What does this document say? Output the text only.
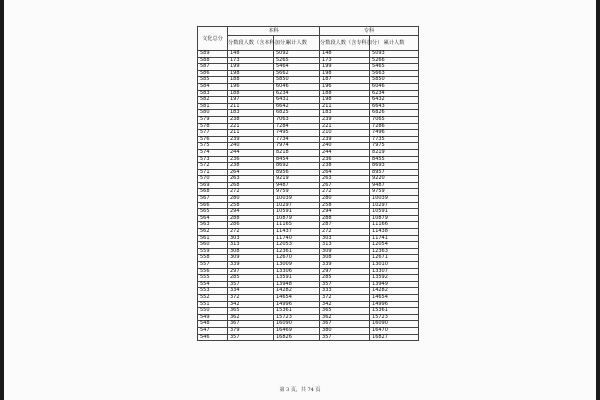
文化总分	本科		专科	
	分数段人数（含本科加分）	累计人数	分数段人数（含专科加分）	累计人数
589	148	5092	148	5093
588	173	5265	173	5266
587	199	5464	199	5465
586	198	5662	198	5663
585	188	5850	187	5850
584	196	6046	196	6046
583	188	6234	188	6234
582	197	6431	198	6432
581	211	6642	211	6643
580	183	6825	183	6826
579	238	7063	239	7065
578	221	7284	221	7286
577	211	7495	210	7496
576	239	7734	239	7735
575	240	7974	240	7975
574	244	8218	244	8219
573	236	8454	236	8455
572	238	8692	238	8693
571	264	8956	264	8957
570	263	9219	263	9220
569	268	9487	267	9487
568	272	9759	272	9759
567	280	10039	280	10039
566	258	10297	258	10297
565	294	10591	294	10591
564	288	10879	288	10879
563	286	11165	287	11166
562	272	11437	272	11438
561	303	11740	303	11741
560	313	12053	313	12054
559	308	12361	309	12363
558	309	12670	308	12671
557	339	13009	339	13010
556	297	13306	297	13307
555	285	13591	285	13592
554	357	13948	357	13949
553	334	14282	333	14282
552	372	14654	372	14654
551	342	14996	342	14996
550	365	15361	365	15361
549	362	15723	362	15723
548	367	16090	367	16090
547	379	16469	380	16470
546	357	16826	357	16827
第 3 页，共 74 页
